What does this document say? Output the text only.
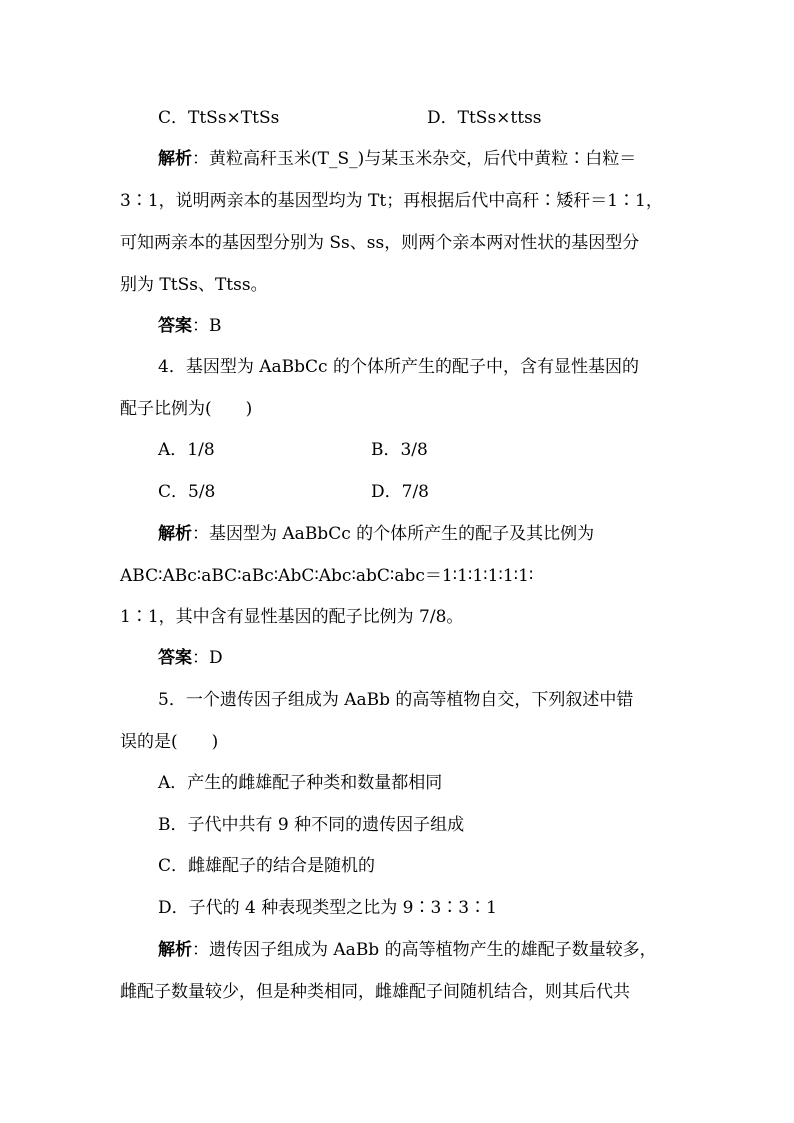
C．TtSs×TtSs	D．TtSs×ttss
解析：黄粒高秆玉米(T_S_)与某玉米杂交，后代中黄粒∶白粒＝
3∶1，说明两亲本的基因型均为 Tt；再根据后代中高秆∶矮秆＝1∶1，
可知两亲本的基因型分别为 Ss、ss，则两个亲本两对性状的基因型分
别为 TtSs、Ttss。
答案：B
4．基因型为 AaBbCc 的个体所产生的配子中，含有显性基因的
配子比例为(　　)
A．1/8	B．3/8
C．5/8	D．7/8
解析：基因型为 AaBbCc 的个体所产生的配子及其比例为
ABC∶ABc∶aBC∶aBc∶AbC∶Abc∶abC∶abc＝1∶1∶1∶1∶1∶1∶
1∶1，其中含有显性基因的配子比例为 7/8。
答案：D
5．一个遗传因子组成为 AaBb 的高等植物自交，下列叙述中错
误的是(　　)
A．产生的雌雄配子种类和数量都相同
B．子代中共有 9 种不同的遗传因子组成
C．雌雄配子的结合是随机的
D．子代的 4 种表现类型之比为 9∶3∶3∶1
解析：遗传因子组成为 AaBb 的高等植物产生的雄配子数量较多，
雌配子数量较少，但是种类相同，雌雄配子间随机结合，则其后代共
